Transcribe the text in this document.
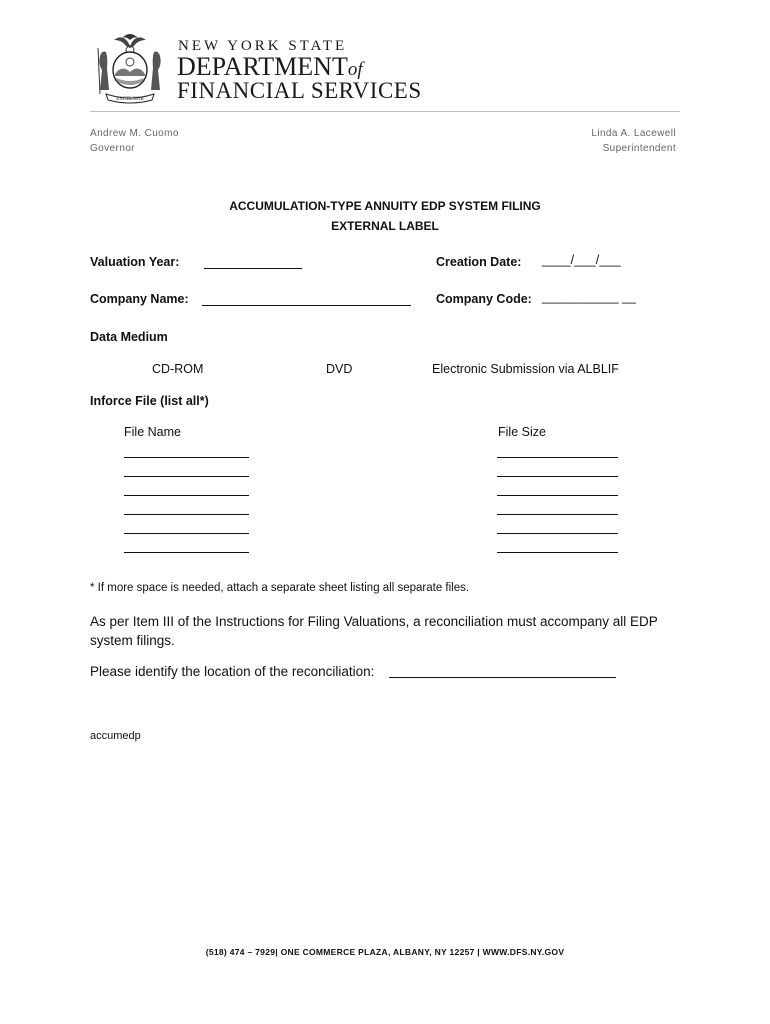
EXCELSIOR
NEW YORK STATE
DEPARTMENTof
FINANCIAL SERVICES
Andrew M. Cuomo
Governor
Linda A. Lacewell
Superintendent
ACCUMULATION-TYPE ANNUITY EDP SYSTEM FILING
EXTERNAL LABEL
Valuation Year:	Creation Date: ____/___/___
Company Name:	Company Code: ___________ __
Data Medium
CD-ROM	DVD	Electronic Submission via ALBLIF
Inforce File (list all*)
File Name	File Size
* If more space is needed, attach a separate sheet listing all separate files.
As per Item III of the Instructions for Filing Valuations, a reconciliation must accompany all EDP system filings.
Please identify the location of the reconciliation:
accumedp
(518) 474 – 7929| ONE COMMERCE PLAZA, ALBANY, NY 12257 | WWW.DFS.NY.GOV
